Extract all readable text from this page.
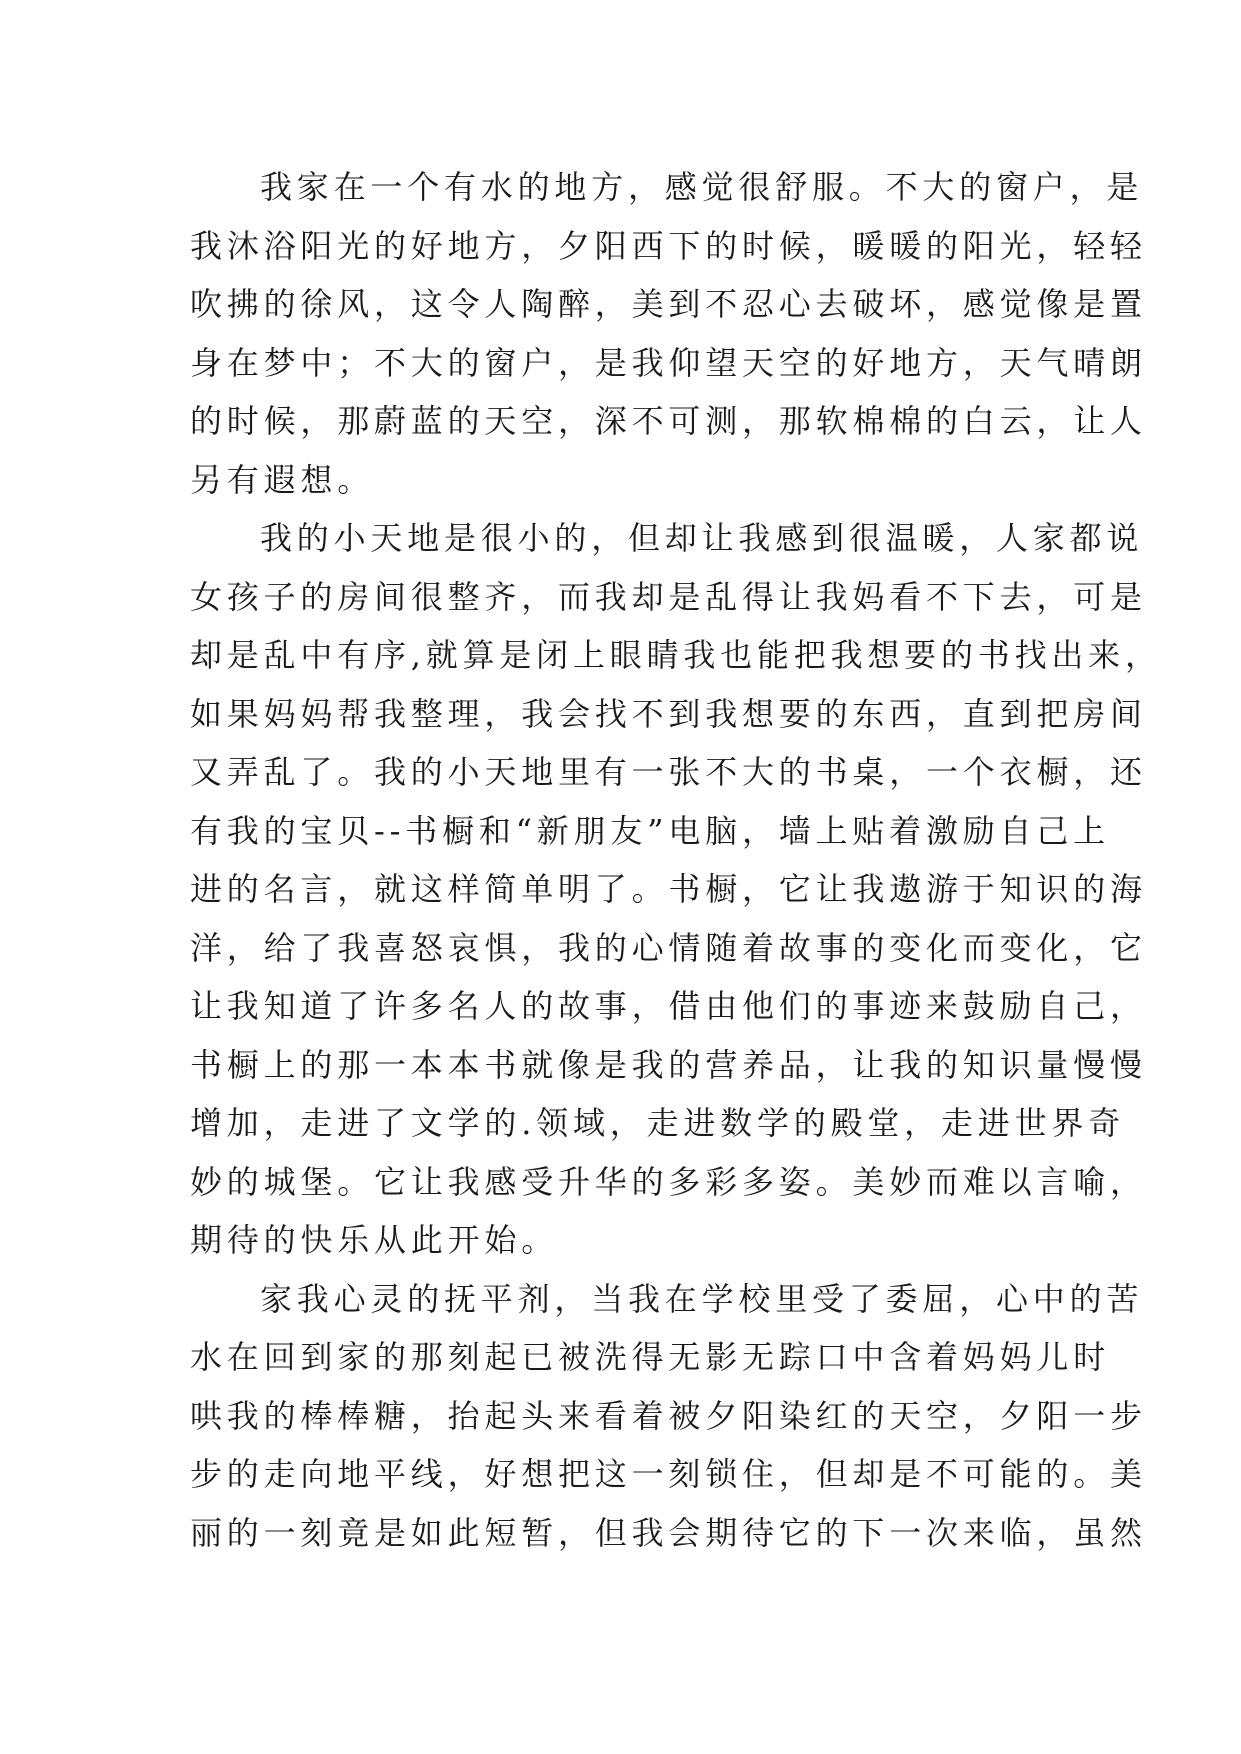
我家在一个有水的地方，感觉很舒服。不大的窗户，是
我沐浴阳光的好地方，夕阳西下的时候，暖暖的阳光，轻轻
吹拂的徐风，这令人陶醉，美到不忍心去破坏，感觉像是置
身在梦中；不大的窗户，是我仰望天空的好地方，天气晴朗
的时候，那蔚蓝的天空，深不可测，那软棉棉的白云，让人
另有遐想。
我的小天地是很小的，但却让我感到很温暖，人家都说
女孩子的房间很整齐，而我却是乱得让我妈看不下去，可是
却是乱中有序,就算是闭上眼睛我也能把我想要的书找出来，
如果妈妈帮我整理，我会找不到我想要的东西，直到把房间
又弄乱了。我的小天地里有一张不大的书桌，一个衣橱，还
有我的宝贝--书橱和“新朋友”电脑，墙上贴着激励自己上
进的名言，就这样简单明了。书橱，它让我遨游于知识的海
洋，给了我喜怒哀惧，我的心情随着故事的变化而变化，它
让我知道了许多名人的故事，借由他们的事迹来鼓励自己，
书橱上的那一本本书就像是我的营养品，让我的知识量慢慢
增加，走进了文学的.领域，走进数学的殿堂，走进世界奇
妙的城堡。它让我感受升华的多彩多姿。美妙而难以言喻，
期待的快乐从此开始。
家我心灵的抚平剂，当我在学校里受了委屈，心中的苦
水在回到家的那刻起已被洗得无影无踪口中含着妈妈儿时
哄我的棒棒糖，抬起头来看着被夕阳染红的天空，夕阳一步
步的走向地平线，好想把这一刻锁住，但却是不可能的。美
丽的一刻竟是如此短暂，但我会期待它的下一次来临，虽然
